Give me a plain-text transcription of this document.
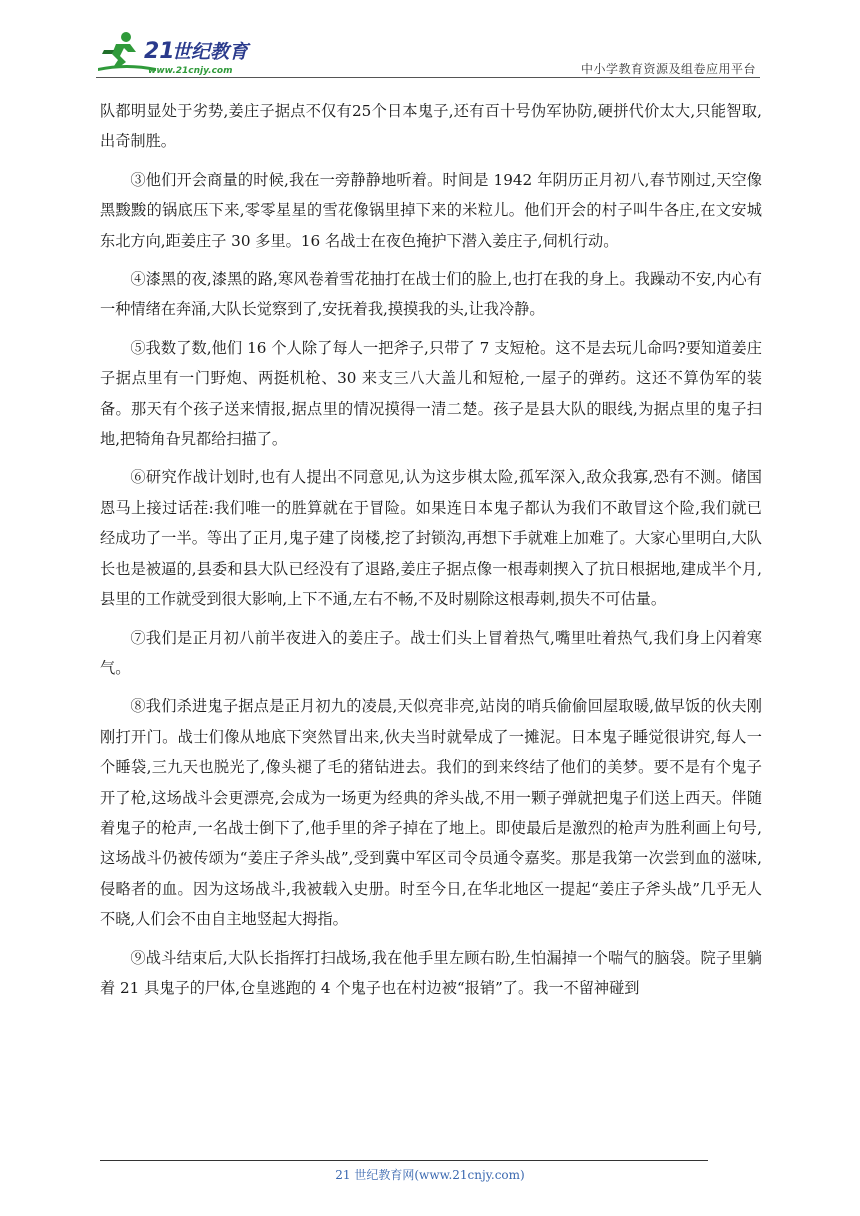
21
世纪教育
www.21cnjy.com	中小学教育资源及组卷应用平台

队都明显处于劣势,姜庄子据点不仅有25个日本鬼子,还有百十号伪军协防,硬拼代价太大,只能智取,出奇制胜。

③他们开会商量的时候,我在一旁静静地听着。时间是 1942 年阴历正月初八,春节刚过,天空像黑黢黢的锅底压下来,零零星星的雪花像锅里掉下来的米粒儿。他们开会的村子叫牛各庄,在文安城东北方向,距姜庄子 30 多里。16 名战士在夜色掩护下潜入姜庄子,伺机行动。

④漆黑的夜,漆黑的路,寒风卷着雪花抽打在战士们的脸上,也打在我的身上。我躁动不安,内心有一种情绪在奔涌,大队长觉察到了,安抚着我,摸摸我的头,让我冷静。

⑤我数了数,他们 16 个人除了每人一把斧子,只带了 7 支短枪。这不是去玩儿命吗?要知道姜庄子据点里有一门野炮、两挺机枪、30 来支三八大盖儿和短枪,一屋子的弹药。这还不算伪军的装备。那天有个孩子送来情报,据点里的情况摸得一清二楚。孩子是县大队的眼线,为据点里的鬼子扫地,把犄角旮旯都给扫描了。

⑥研究作战计划时,也有人提出不同意见,认为这步棋太险,孤军深入,敌众我寡,恐有不测。储国恩马上接过话茬:我们唯一的胜算就在于冒险。如果连日本鬼子都认为我们不敢冒这个险,我们就已经成功了一半。等出了正月,鬼子建了岗楼,挖了封锁沟,再想下手就难上加难了。大家心里明白,大队长也是被逼的,县委和县大队已经没有了退路,姜庄子据点像一根毒刺揳入了抗日根据地,建成半个月,县里的工作就受到很大影响,上下不通,左右不畅,不及时剔除这根毒刺,损失不可估量。

⑦我们是正月初八前半夜进入的姜庄子。战士们头上冒着热气,嘴里吐着热气,我们身上闪着寒气。

⑧我们杀进鬼子据点是正月初九的凌晨,天似亮非亮,站岗的哨兵偷偷回屋取暖,做早饭的伙夫刚刚打开门。战士们像从地底下突然冒出来,伙夫当时就晕成了一摊泥。日本鬼子睡觉很讲究,每人一个睡袋,三九天也脱光了,像头褪了毛的猪钻进去。我们的到来终结了他们的美梦。要不是有个鬼子开了枪,这场战斗会更漂亮,会成为一场更为经典的斧头战,不用一颗子弹就把鬼子们送上西天。伴随着鬼子的枪声,一名战士倒下了,他手里的斧子掉在了地上。即使最后是激烈的枪声为胜利画上句号,这场战斗仍被传颂为“姜庄子斧头战”,受到冀中军区司令员通令嘉奖。那是我第一次尝到血的滋味,侵略者的血。因为这场战斗,我被载入史册。时至今日,在华北地区一提起“姜庄子斧头战”几乎无人不晓,人们会不由自主地竖起大拇指。

⑨战斗结束后,大队长指挥打扫战场,我在他手里左顾右盼,生怕漏掉一个喘气的脑袋。院子里躺着 21 具鬼子的尸体,仓皇逃跑的 4 个鬼子也在村边被“报销”了。我一不留神碰到

21 世纪教育网(www.21cnjy.com)
